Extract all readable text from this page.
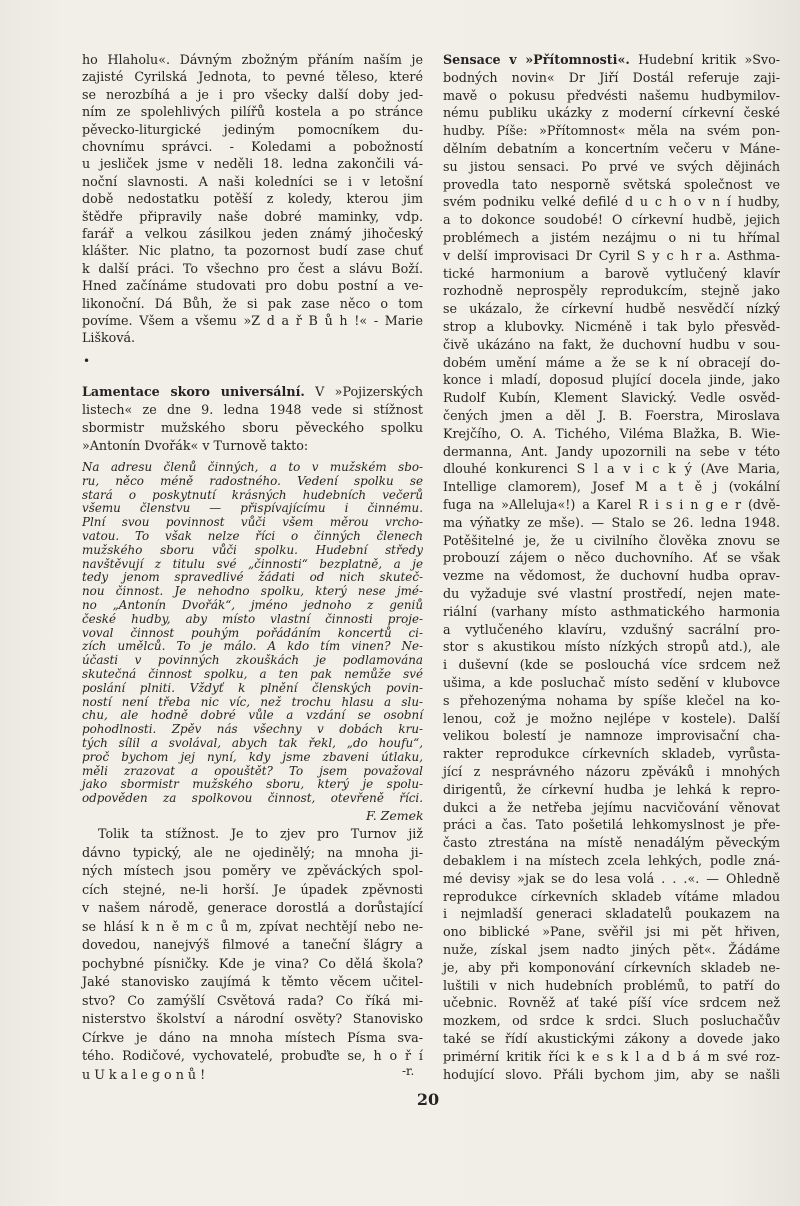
•
F. Zemek
-r.
20
ho Hlaholu«. Dávným zbožným přáním naším je
zajisté Cyrilská Jednota, to pevné těleso, které
se nerozbíhá a je i pro všecky další doby jed-
ním ze spolehlivých pilířů kostela a po stránce
pěvecko-liturgické jediným pomocníkem du-
chovnímu správci. - Koledami a pobožností
u jesliček jsme v neděli 18. ledna zakončili vá-
noční slavnosti. A naši koledníci se i v letošní
době nedostatku potěší z koledy, kterou jim
štědře připravily naše dobré maminky, vdp.
farář a velkou zásilkou jeden známý jihočeský
klášter. Nic platno, ta pozornost budí zase chuť
k další práci. To všechno pro čest a slávu Boží.
Hned začínáme studovati pro dobu postní a ve-
likonoční. Dá Bůh, že si pak zase něco o tom
povíme. Všem a všemu »Z d a ř B ů h !« - Marie
Lišková.
Lamentace skoro universální. V »Pojizerských
listech« ze dne 9. ledna 1948 vede si stížnost
sbormistr mužského sboru pěveckého spolku
»Antonín Dvořák« v Turnově takto:
Na adresu členů činných, a to v mužském sbo-
ru, něco méně radostného. Vedení spolku se
stará o poskytnutí krásných hudebních večerů
všemu členstvu — přispívajícímu i činnému.
Plní svou povinnost vůči všem měrou vrcho-
vatou. To však nelze říci o činných členech
mužského sboru vůči spolku. Hudební středy
navštěvují z titulu své „činnosti“ bezplatně, a je
tedy jenom spravedlivé žádati od nich skuteč-
nou činnost. Je nehodno spolku, který nese jmé-
no „Antonín Dvořák“, jméno jednoho z geniů
české hudby, aby místo vlastní činnosti proje-
voval činnost pouhým pořádáním koncertů ci-
zích umělců. To je málo. A kdo tím vinen? Ne-
účasti v povinných zkouškách je podlamována
skutečná činnost spolku, a ten pak nemůže své
poslání plniti. Vždyť k plnění členských povin-
ností není třeba nic víc, než trochu hlasu a slu-
chu, ale hodně dobré vůle a vzdání se osobní
pohodlnosti. Zpěv nás všechny v dobách kru-
tých sílil a svolával, abych tak řekl, „do houfu“,
proč bychom jej nyní, kdy jsme zbaveni útlaku,
měli zrazovat a opouštět? To jsem považoval
jako sbormistr mužského sboru, který je spolu-
odpověden za spolkovou činnost, otevřeně říci.
Tolik ta stížnost. Je to zjev pro Turnov již
dávno typický, ale ne ojedinělý; na mnoha ji-
ných místech jsou poměry ve zpěváckých spol-
cích stejné, ne-li horší. Je úpadek zpěvnosti
v našem národě, generace dorostlá a dorůstající
se hlásí k n ě m c ů m, zpívat nechtějí nebo ne-
dovedou, nanejvýš filmové a taneční šlágry a
pochybné písničky. Kde je vina? Co dělá škola?
Jaké stanovisko zaujímá k těmto věcem učitel-
stvo? Co zamýšlí Csvětová rada? Co říká mi-
nisterstvo školství a národní osvěty? Stanovisko
Církve je dáno na mnoha místech Písma sva-
tého. Rodičové, vychovatelé, probuďte se, h o ř í
u U k a l e g o n ů !
Sensace v »Přítomnosti«. Hudební kritik »Svo-
bodných novin« Dr Jiří Dostál referuje zaji-
mavě o pokusu předvésti našemu hudbymilov-
nému publiku ukázky z moderní církevní české
hudby. Píše: »Přítomnost« měla na svém pon-
dělním debatním a koncertním večeru v Máne-
su jistou sensaci. Po prvé ve svých dějinách
provedla tato nesporně světská společnost ve
svém podniku velké defilé d u c h o v n í hudby,
a to dokonce soudobé! O církevní hudbě, jejich
problémech a jistém nezájmu o ni tu hřímal
v delší improvisaci Dr Cyril S y c h r a. Asthma-
tické harmonium a barově vytlučený klavír
rozhodně neprospěly reprodukcím, stejně jako
se ukázalo, že církevní hudbě nesvědčí nízký
strop a klubovky. Nicméně i tak bylo přesvěd-
čivě ukázáno na fakt, že duchovní hudbu v sou-
dobém umění máme a že se k ní obracejí do-
konce i mladí, doposud plující docela jinde, jako
Rudolf Kubín, Klement Slavický. Vedle osvěd-
čených jmen a děl J. B. Foerstra, Miroslava
Krejčího, O. A. Tichého, Viléma Blažka, B. Wie-
dermanna, Ant. Jandy upozornili na sebe v této
dlouhé konkurenci S l a v i c k ý (Ave Maria,
Intellige clamorem), Josef M a t ě j (vokální
fuga na »Alleluja«!) a Karel R i s i n g e r (dvě-
ma výňatky ze mše). — Stalo se 26. ledna 1948.
Potěšitelné je, že u civilního člověka znovu se
probouzí zájem o něco duchovního. Ať se však
vezme na vědomost, že duchovní hudba oprav-
du vyžaduje své vlastní prostředí, nejen mate-
riální (varhany místo asthmatického harmonia
a vytlučeného klavíru, vzdušný sacrální pro-
stor s akustikou místo nízkých stropů atd.), ale
i duševní (kde se poslouchá více srdcem než
ušima, a kde posluchač místo sedění v klubovce
s přehozenýma nohama by spíše klečel na ko-
lenou, což je možno nejlépe v kostele). Další
velikou bolestí je namnoze improvisační cha-
rakter reprodukce církevních skladeb, vyrůsta-
jící z nesprávného názoru zpěváků i mnohých
dirigentů, že církevní hudba je lehká k repro-
dukci a že netřeba jejímu nacvičování věnovat
práci a čas. Tato pošetilá lehkomyslnost je pře-
často ztrestána na místě nenadálým pěveckým
debaklem i na místech zcela lehkých, podle zná-
mé devisy »jak se do lesa volá . . .«. — Ohledně
reprodukce církevních skladeb vítáme mladou
i nejmladší generaci skladatelů poukazem na
ono biblické »Pane, svěřil jsi mi pět hřiven,
nuže, získal jsem nadto jiných pět«. Žádáme
je, aby při komponování církevních skladeb ne-
luštili v nich hudebních problémů, to patří do
učebnic. Rovněž ať také píší více srdcem než
mozkem, od srdce k srdci. Sluch posluchačův
také se řídí akustickými zákony a dovede jako
primérní kritik říci k e s k l a d b á m své roz-
hodující slovo. Přáli bychom jim, aby se našli
